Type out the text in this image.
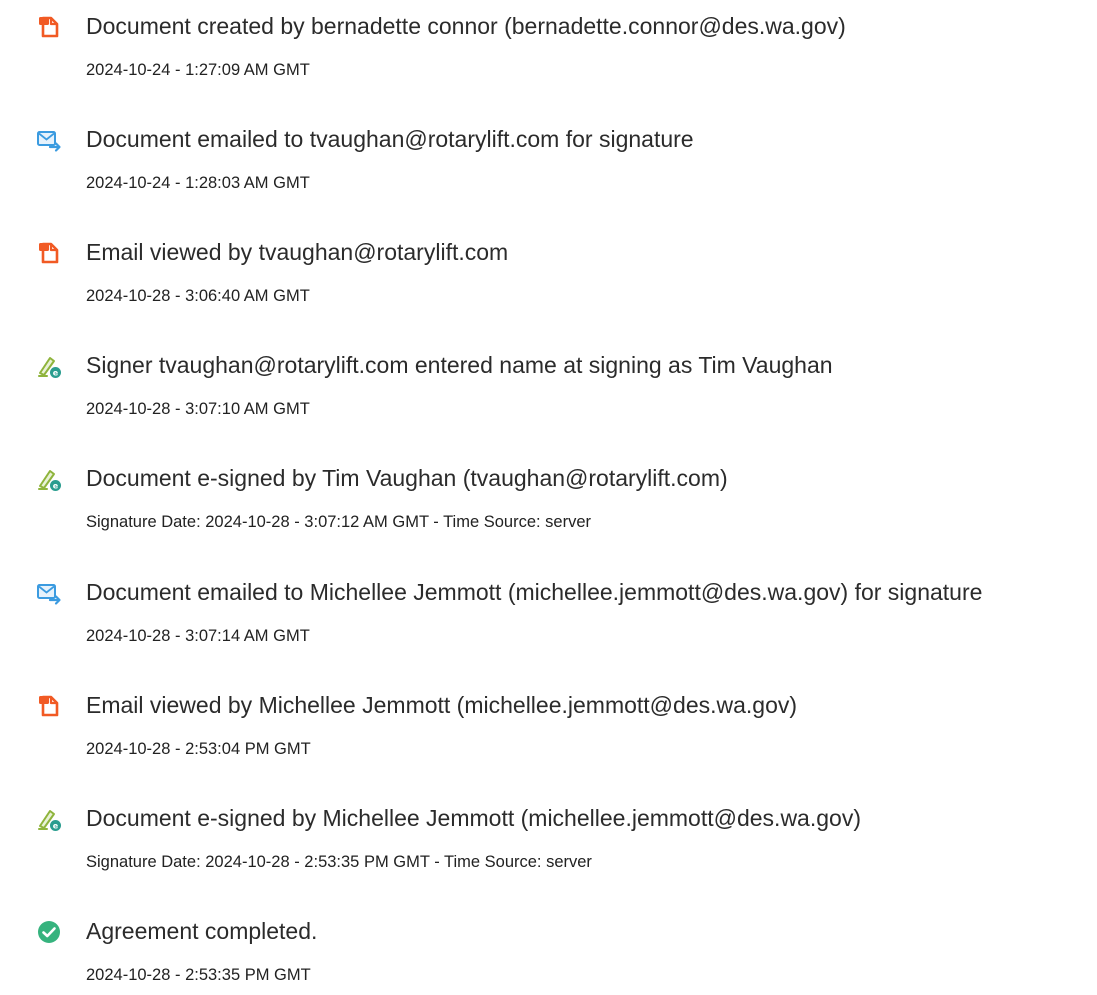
Document created by bernadette connor (bernadette.connor@des.wa.gov)
2024-10-24 - 1:27:09 AM GMT
Document emailed to tvaughan@rotarylift.com for signature
2024-10-24 - 1:28:03 AM GMT
Email viewed by tvaughan@rotarylift.com
2024-10-28 - 3:06:40 AM GMT
e Signer tvaughan@rotarylift.com entered name at signing as Tim Vaughan
2024-10-28 - 3:07:10 AM GMT
e Document e-signed by Tim Vaughan (tvaughan@rotarylift.com)
Signature Date: 2024-10-28 - 3:07:12 AM GMT - Time Source: server
Document emailed to Michellee Jemmott (michellee.jemmott@des.wa.gov) for signature
2024-10-28 - 3:07:14 AM GMT
Email viewed by Michellee Jemmott (michellee.jemmott@des.wa.gov)
2024-10-28 - 2:53:04 PM GMT
e Document e-signed by Michellee Jemmott (michellee.jemmott@des.wa.gov)
Signature Date: 2024-10-28 - 2:53:35 PM GMT - Time Source: server
Agreement completed.
2024-10-28 - 2:53:35 PM GMT
